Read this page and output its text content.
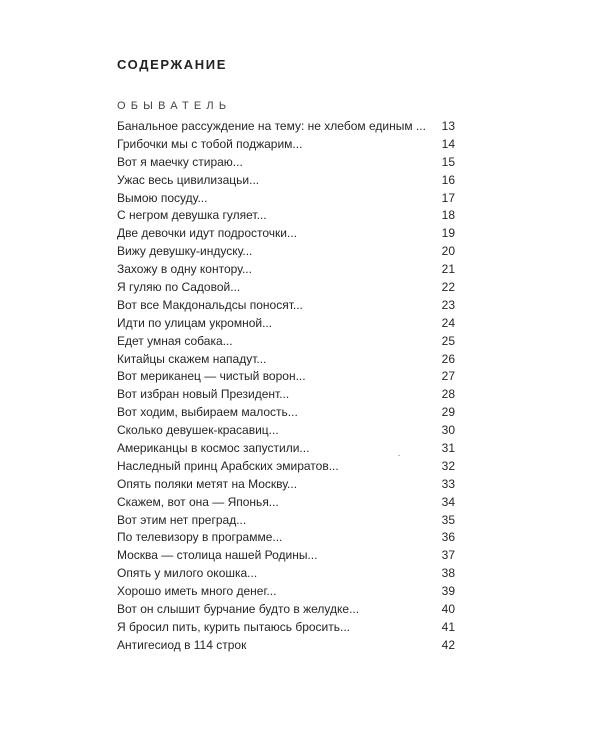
СОДЕРЖАНИЕ
ОБЫВАТЕЛЬ
Банальное рассуждение на тему: не хлебом единым ...	13
Грибочки мы с тобой поджарим...	14
Вот я маечку стираю...	15
Ужас весь цивилизацьи...	16
Вымою посуду...	17
С негром девушка гуляет...	18
Две девочки идут подросточки...	19
Вижу девушку-индуску...	20
Захожу в одну контору...	21
Я гуляю по Садовой...	22
Вот все Макдональдсы поносят...	23
Идти по улицам укромной...	24
Едет умная собака...	25
Китайцы скажем нападут...	26
Вот мериканец — чистый ворон...	27
Вот избран новый Президент...	28
Вот ходим, выбираем малость...	29
Сколько девушек-красавиц...	30
Американцы в космос запустили...	31
Наследный принц Арабских эмиратов...	32
Опять поляки метят на Москву...	33
Скажем, вот она — Японья...	34
Вот этим нет преград...	35
По телевизору в программе...	36
Москва — столица нашей Родины...	37
Опять у милого окошка...	38
Хорошо иметь много денег...	39
Вот он слышит бурчание будто в желудке...	40
Я бросил пить, курить пытаюсь бросить...	41
Антигесиод в 114 строк	42
